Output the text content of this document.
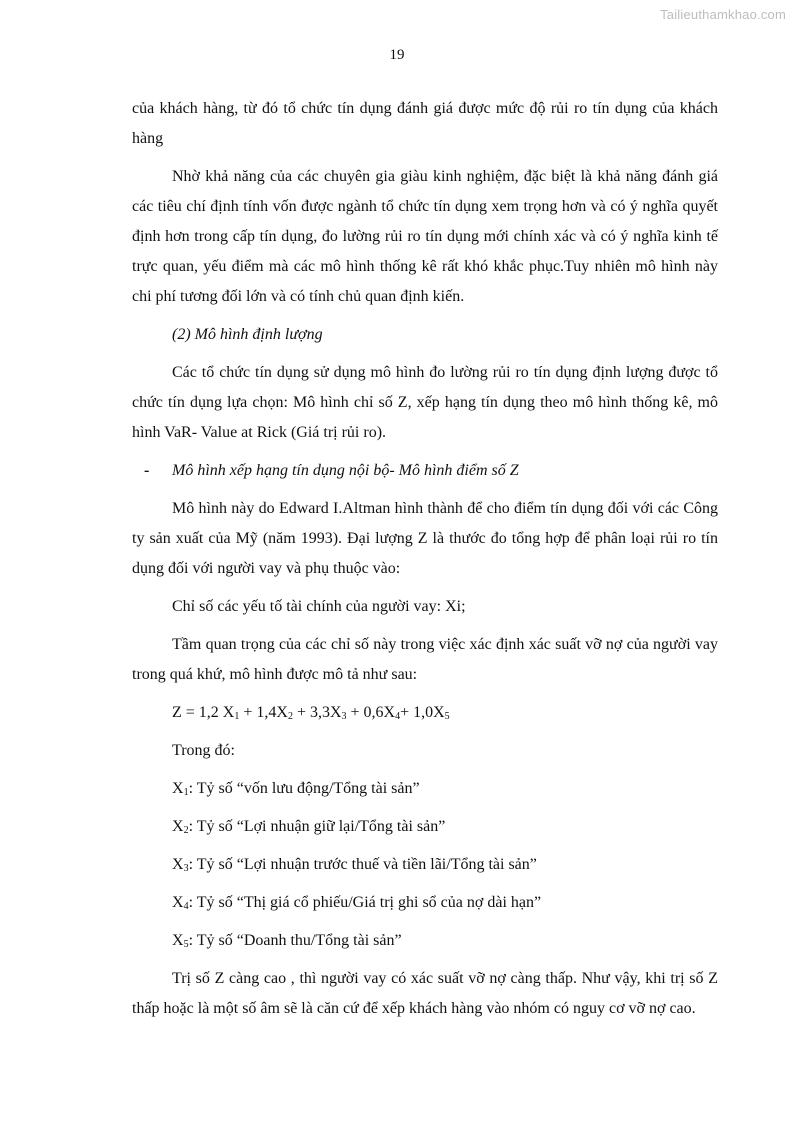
Tailieuthamkhao.com
19

của khách hàng, từ đó tổ chức tín dụng đánh giá được mức độ rủi ro tín dụng của khách hàng

Nhờ khả năng của các chuyên gia giàu kinh nghiệm, đặc biệt là khả năng đánh giá các tiêu chí định tính vốn được ngành tổ chức tín dụng xem trọng hơn và có ý nghĩa quyết định hơn trong cấp tín dụng, đo lường rủi ro tín dụng mới chính xác và có ý nghĩa kinh tế trực quan, yếu điểm mà các mô hình thống kê rất khó khắc phục.Tuy nhiên mô hình này chi phí tương đối lớn và có tính chủ quan định kiến.

(2) Mô hình định lượng

Các tổ chức tín dụng sử dụng mô hình đo lường rủi ro tín dụng định lượng được tổ chức tín dụng lựa chọn: Mô hình chỉ số Z, xếp hạng tín dụng theo mô hình thống kê, mô hình VaR- Value at Rick (Giá trị rủi ro).

- Mô hình xếp hạng tín dụng nội bộ- Mô hình điểm số Z

Mô hình này do Edward I.Altman hình thành để cho điểm tín dụng đối với các Công ty sản xuất của Mỹ (năm 1993). Đại lượng Z là thước đo tổng hợp để phân loại rủi ro tín dụng đối với người vay và phụ thuộc vào:

Chỉ số các yếu tố tài chính của người vay: Xi;

Tầm quan trọng của các chỉ số này trong việc xác định xác suất vỡ nợ của người vay trong quá khứ, mô hình được mô tả như sau:

Z = 1,2 $X_1 + 1,4X_2 + 3,3X_3 + 0,6X_4+ 1,0X_5$

Trong đó:

$X_1$: Tỷ số “vốn lưu động/Tổng tài sản”

$X_2$: Tỷ số “Lợi nhuận giữ lại/Tổng tài sản”

$X_3$: Tỷ số “Lợi nhuận trước thuế và tiền lãi/Tổng tài sản”

$X_4$: Tỷ số “Thị giá cổ phiếu/Giá trị ghi sổ của nợ dài hạn”

$X_5$: Tỷ số “Doanh thu/Tổng tài sản”

Trị số Z càng cao , thì người vay có xác suất vỡ nợ càng thấp. Như vậy, khi trị số Z thấp hoặc là một số âm sẽ là căn cứ để xếp khách hàng vào nhóm có nguy cơ vỡ nợ cao.
